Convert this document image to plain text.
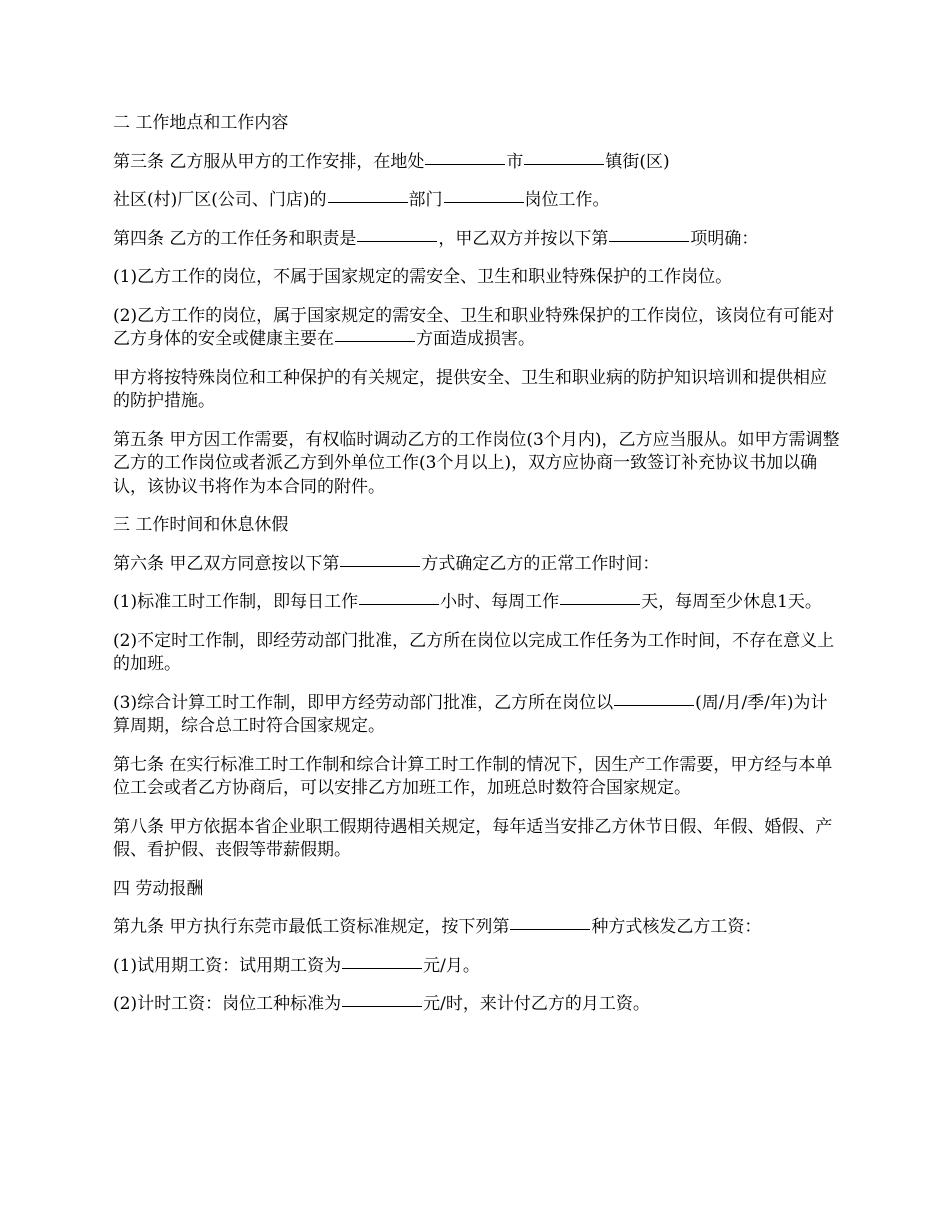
二 工作地点和工作内容

第三条 乙方服从甲方的工作安排，在地处	市	镇街(区)

社区(村)厂区(公司、门店)的	部门	岗位工作。

第四条 乙方的工作任务和职责是	，甲乙双方并按以下第	项明确：

(1)乙方工作的岗位，不属于国家规定的需安全、卫生和职业特殊保护的工作岗位。

(2)乙方工作的岗位，属于国家规定的需安全、卫生和职业特殊保护的工作岗位，该岗位有可能对乙方身体的安全或健康主要在	方面造成损害。

甲方将按特殊岗位和工种保护的有关规定，提供安全、卫生和职业病的防护知识培训和提供相应的防护措施。

第五条 甲方因工作需要，有权临时调动乙方的工作岗位(3个月内)，乙方应当服从。如甲方需调整乙方的工作岗位或者派乙方到外单位工作(3个月以上)，双方应协商一致签订补充协议书加以确认，该协议书将作为本合同的附件。

三 工作时间和休息休假

第六条 甲乙双方同意按以下第	方式确定乙方的正常工作时间：

(1)标准工时工作制，即每日工作	小时、每周工作	天，每周至少休息1天。

(2)不定时工作制，即经劳动部门批准，乙方所在岗位以完成工作任务为工作时间，不存在意义上的加班。

(3)综合计算工时工作制，即甲方经劳动部门批准，乙方所在岗位以	(周/月/季/年)为计算周期，综合总工时符合国家规定。

第七条 在实行标准工时工作制和综合计算工时工作制的情况下，因生产工作需要，甲方经与本单位工会或者乙方协商后，可以安排乙方加班工作，加班总时数符合国家规定。

第八条 甲方依据本省企业职工假期待遇相关规定，每年适当安排乙方休节日假、年假、婚假、产假、看护假、丧假等带薪假期。

四 劳动报酬

第九条 甲方执行东莞市最低工资标准规定，按下列第	种方式核发乙方工资：

(1)试用期工资：试用期工资为	元/月。

(2)计时工资：岗位工种标准为	元/时，来计付乙方的月工资。
